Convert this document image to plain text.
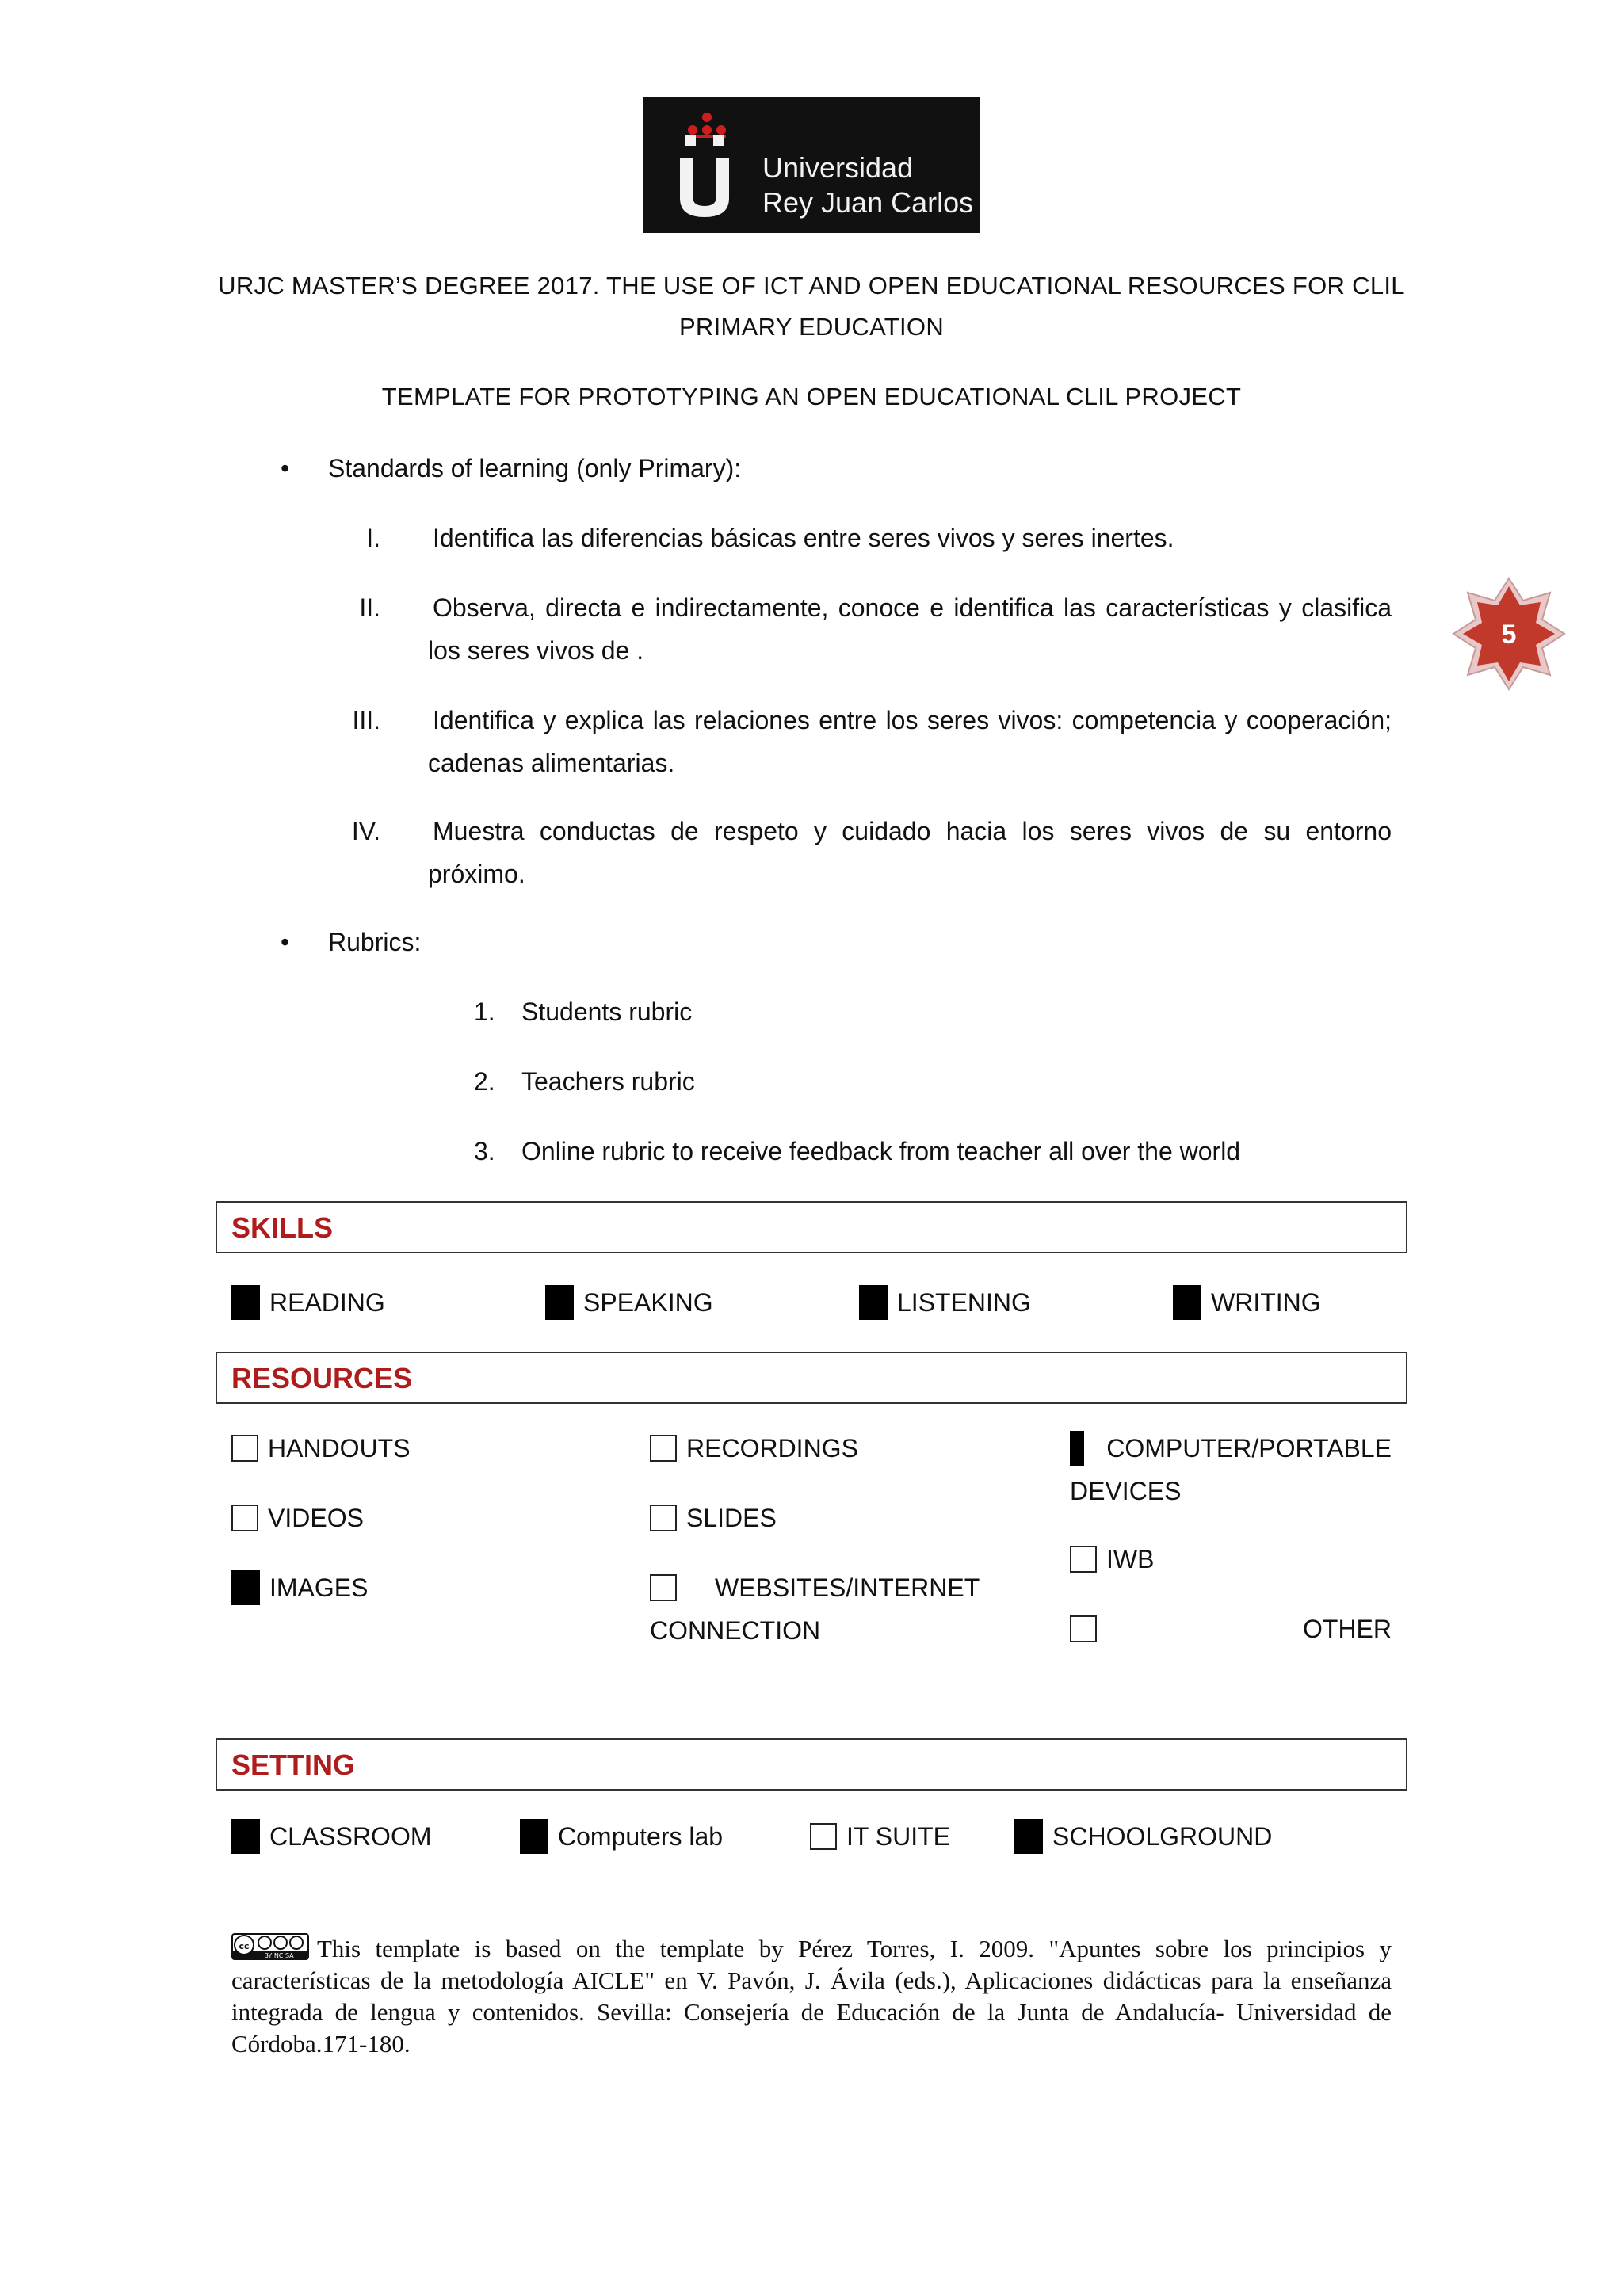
Universidad
Rey Juan Carlos
URJC MASTER’S DEGREE 2017. THE USE OF ICT AND OPEN EDUCATIONAL RESOURCES FOR CLIL
PRIMARY EDUCATION
TEMPLATE FOR PROTOTYPING AN OPEN EDUCATIONAL CLIL PROJECT
5
• Standards of learning (only Primary):
I. Identifica las diferencias básicas entre seres vivos y seres inertes.
II. Observa, directa e indirectamente, conoce e identifica las características y clasifica los seres vivos de .
III. Identifica y explica las relaciones entre los seres vivos: competencia y cooperación; cadenas alimentarias.
IV. Muestra conductas de respeto y cuidado hacia los seres vivos de su entorno próximo.
• Rubrics:
1. Students rubric
2. Teachers rubric
3. Online rubric to receive feedback from teacher all over the world
SKILLS
READING	SPEAKING	LISTENING	WRITING
RESOURCES
HANDOUTS
VIDEOS
IMAGES
RECORDINGS
SLIDES
WEBSITES/INTERNET
CONNECTION
COMPUTER/PORTABLE
DEVICES
IWB
OTHER
SETTING
CLASSROOM	Computers lab	IT SUITE	SCHOOLGROUND
cc
BY NC SA This template is based on the template by Pérez Torres, I. 2009. "Apuntes sobre los principios y características de la metodología AICLE" en V. Pavón, J. Ávila (eds.), Aplicaciones didácticas para la enseñanza integrada de lengua y contenidos. Sevilla: Consejería de Educación de la Junta de Andalucía- Universidad de Córdoba.171-180.
